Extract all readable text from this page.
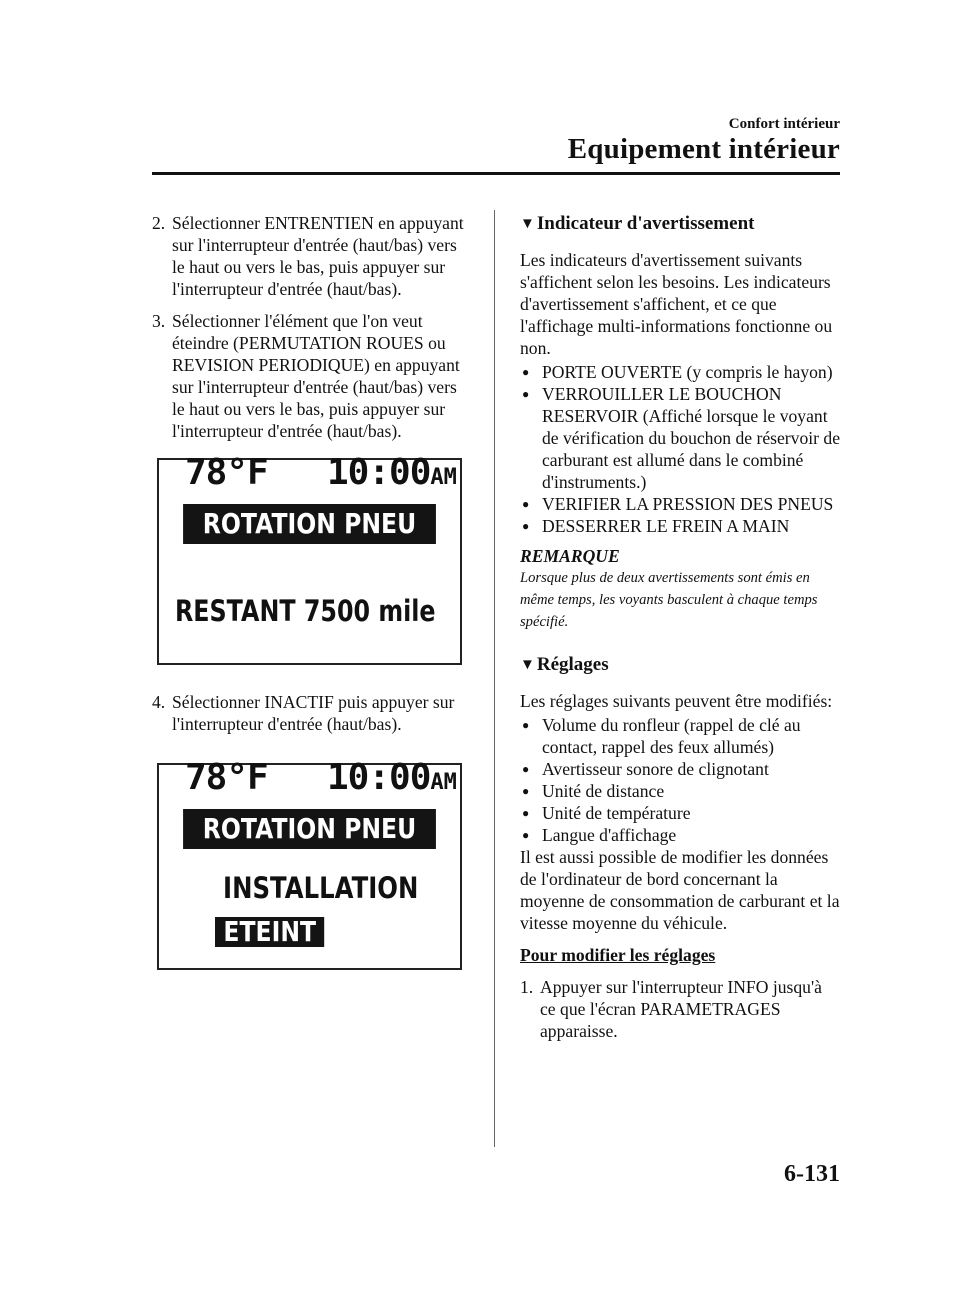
Confort intérieur
Equipement intérieur
2. Sélectionner ENTRENTIEN en appuyant sur l'interrupteur d'entrée (haut/bas) vers le haut ou vers le bas, puis appuyer sur l'interrupteur d'entrée (haut/bas).
3. Sélectionner l'élément que l'on veut éteindre (PERMUTATION ROUES ou REVISION PERIODIQUE) en appuyant sur l'interrupteur d'entrée (haut/bas) vers le haut ou vers le bas, puis appuyer sur l'interrupteur d'entrée (haut/bas).
78°F 10:00AM
ROTATION PNEU
RESTANT 7500 mile
4. Sélectionner INACTIF puis appuyer sur l'interrupteur d'entrée (haut/bas).
78°F 10:00AM
ROTATION PNEU
INSTALLATION
ETEINT
▼ Indicateur d'avertissement

Les indicateurs d'avertissement suivants s'affichent selon les besoins. Les indicateurs d'avertissement s'affichent, et ce que l'affichage multi-informations fonctionne ou non.

● PORTE OUVERTE (y compris le hayon)
● VERROUILLER LE BOUCHON RESERVOIR (Affiché lorsque le voyant de vérification du bouchon de réservoir de carburant est allumé dans le combiné d'instruments.)
● VERIFIER LA PRESSION DES PNEUS
● DESSERRER LE FREIN A MAIN
REMARQUE
Lorsque plus de deux avertissements sont émis en même temps, les voyants basculent à chaque temps spécifié.
▼ Réglages

Les réglages suivants peuvent être modifiés:

● Volume du ronfleur (rappel de clé au contact, rappel des feux allumés)
● Avertisseur sonore de clignotant
● Unité de distance
● Unité de température
● Langue d'affichage

Il est aussi possible de modifier les données de l'ordinateur de bord concernant la moyenne de consommation de carburant et la vitesse moyenne du véhicule.

Pour modifier les réglages
1. Appuyer sur l'interrupteur INFO jusqu'à ce que l'écran PARAMETRAGES apparaisse.
6-131
